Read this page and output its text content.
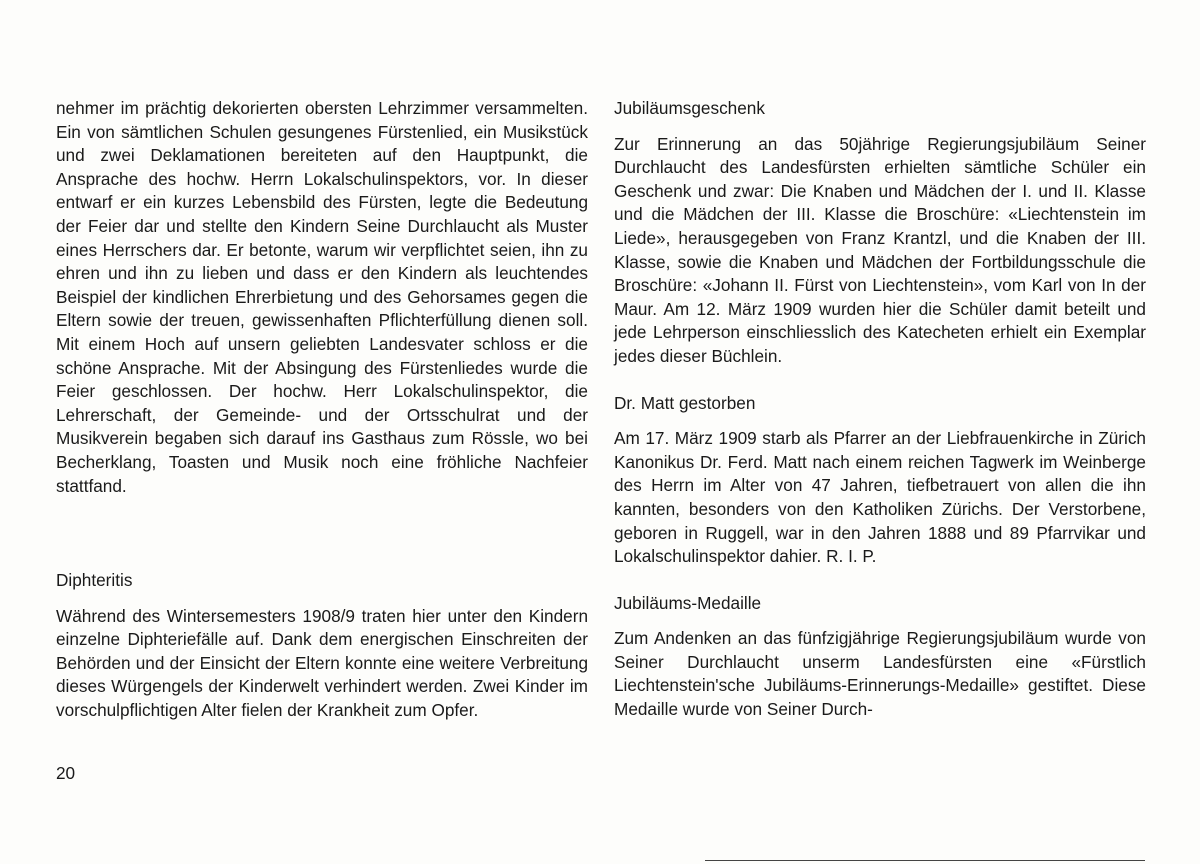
nehmer im prächtig dekorierten obersten Lehrzimmer versammelten. Ein von sämtlichen Schulen gesungenes Fürstenlied, ein Musikstück und zwei Deklamationen bereiteten auf den Hauptpunkt, die Ansprache des hochw. Herrn Lokalschulinspektors, vor. In dieser entwarf er ein kurzes Lebensbild des Fürsten, legte die Bedeutung der Feier dar und stellte den Kindern Seine Durchlaucht als Muster eines Herrschers dar. Er betonte, warum wir verpflichtet seien, ihn zu ehren und ihn zu lieben und dass er den Kindern als leuchtendes Beispiel der kindlichen Ehrerbietung und des Gehorsames gegen die Eltern sowie der treuen, gewissenhaften Pflichterfüllung dienen soll. Mit einem Hoch auf unsern geliebten Landesvater schloss er die schöne Ansprache. Mit der Absingung des Fürstenliedes wurde die Feier geschlossen. Der hochw. Herr Lokalschulinspektor, die Lehrerschaft, der Gemeinde- und der Ortsschulrat und der Musikverein begaben sich darauf ins Gasthaus zum Rössle, wo bei Becherklang, Toasten und Musik noch eine fröhliche Nachfeier stattfand.

Diphteritis

Während des Wintersemesters 1908/9 traten hier unter den Kindern einzelne Diphteriefälle auf. Dank dem energischen Einschreiten der Behörden und der Einsicht der Eltern konnte eine weitere Verbreitung dieses Würgengels der Kinderwelt verhindert werden. Zwei Kinder im vorschulpflichtigen Alter fielen der Krankheit zum Opfer.

Jubiläumsgeschenk

Zur Erinnerung an das 50jährige Regierungsjubiläum Seiner Durchlaucht des Landesfürsten erhielten sämtliche Schüler ein Geschenk und zwar: Die Knaben und Mädchen der I. und II. Klasse und die Mädchen der III. Klasse die Broschüre: «Liechtenstein im Liede», herausgegeben von Franz Krantzl, und die Knaben der III. Klasse, sowie die Knaben und Mädchen der Fortbildungsschule die Broschüre: «Johann II. Fürst von Liechtenstein», vom Karl von In der Maur. Am 12. März 1909 wurden hier die Schüler damit beteilt und jede Lehrperson einschliesslich des Katecheten erhielt ein Exemplar jedes dieser Büchlein.

Dr. Matt gestorben

Am 17. März 1909 starb als Pfarrer an der Liebfrauenkirche in Zürich Kanonikus Dr. Ferd. Matt nach einem reichen Tagwerk im Weinberge des Herrn im Alter von 47 Jahren, tiefbetrauert von allen die ihn kannten, besonders von den Katholiken Zürichs. Der Verstorbene, geboren in Ruggell, war in den Jahren 1888 und 89 Pfarrvikar und Lokalschulinspektor dahier. R. I. P.

Jubiläums-Medaille

Zum Andenken an das fünfzigjährige Regierungsjubiläum wurde von Seiner Durchlaucht unserm Landesfürsten eine «Fürstlich Liechtenstein'sche Jubiläums-Erinnerungs-Medaille» gestiftet. Diese Medaille wurde von Seiner Durch-

20
